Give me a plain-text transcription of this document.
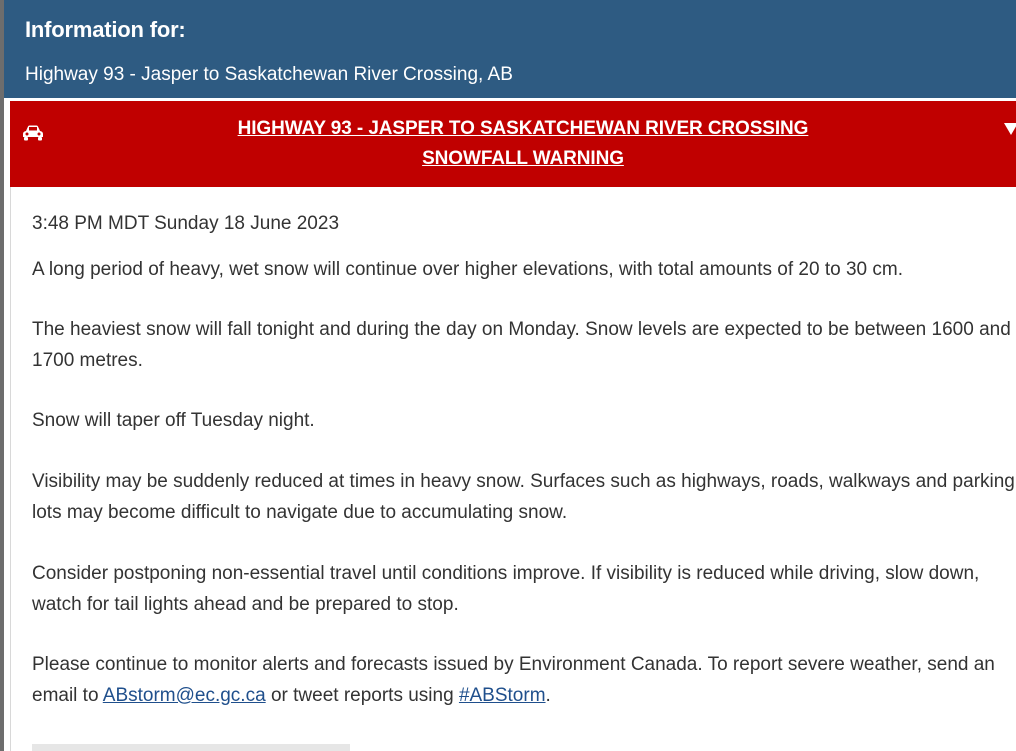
Information for:
Highway 93 - Jasper to Saskatchewan River Crossing, AB
HIGHWAY 93 - JASPER TO SASKATCHEWAN RIVER CROSSING
SNOWFALL WARNING

3:48 PM MDT Sunday 18 June 2023

A long period of heavy, wet snow will continue over higher elevations, with total amounts of 20 to 30 cm.

The heaviest snow will fall tonight and during the day on Monday. Snow levels are expected to be between 1600 and 1700 metres.

Snow will taper off Tuesday night.

Visibility may be suddenly reduced at times in heavy snow. Surfaces such as highways, roads, walkways and parking lots may become difficult to navigate due to accumulating snow.

Consider postponing non-essential travel until conditions improve. If visibility is reduced while driving, slow down, watch for tail lights ahead and be prepared to stop.

Please continue to monitor alerts and forecasts issued by Environment Canada. To report severe weather, send an email to ABstorm@ec.gc.ca or tweet reports using #ABStorm.
